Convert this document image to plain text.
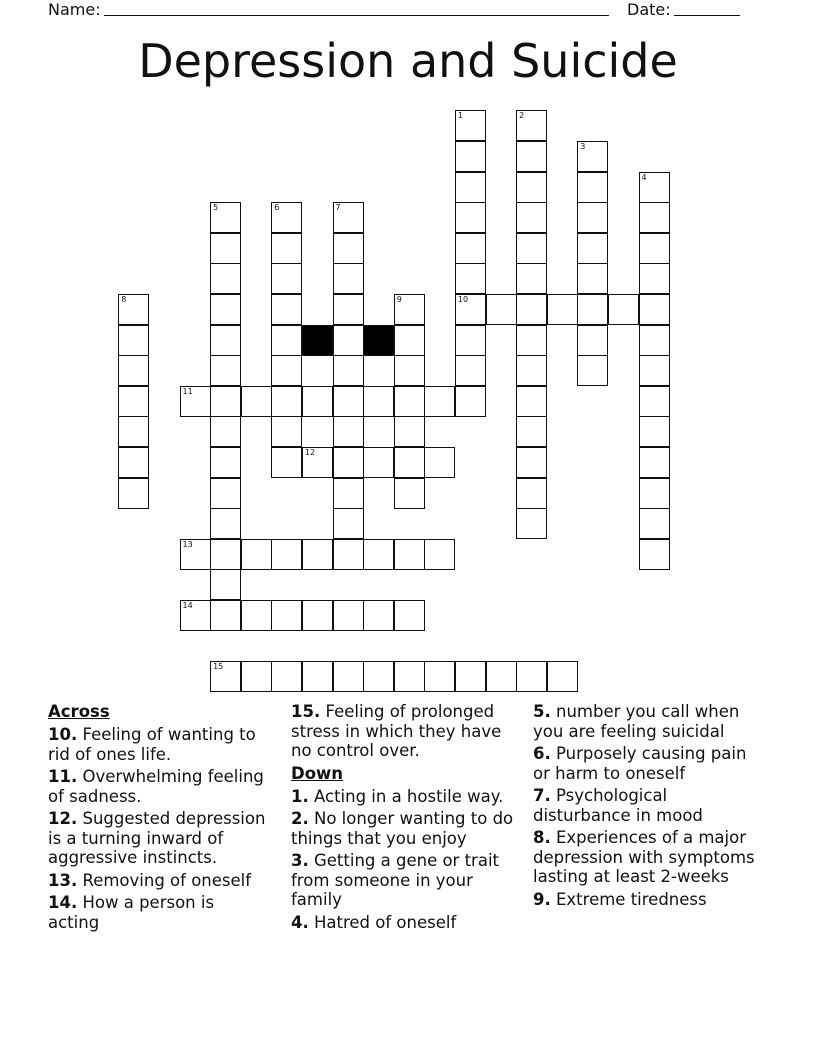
Name:	Date:
Depression and Suicide
1
10
2
3
4
5	6	7
8	9
11
12
13
14
15
Across
10. Feeling of wanting to rid of ones life.
11. Overwhelming feeling of sadness.
12. Suggested depression is a turning inward of aggressive instincts.
13. Removing of oneself
14. How a person is acting
15. Feeling of prolonged stress in which they have no control over.
Down
1. Acting in a hostile way.
2. No longer wanting to do things that you enjoy
3. Getting a gene or trait from someone in your family
4. Hatred of oneself
5. number you call when you are feeling suicidal
6. Purposely causing pain or harm to oneself
7. Psychological disturbance in mood
8. Experiences of a major depression with symptoms lasting at least 2-weeks
9. Extreme tiredness
